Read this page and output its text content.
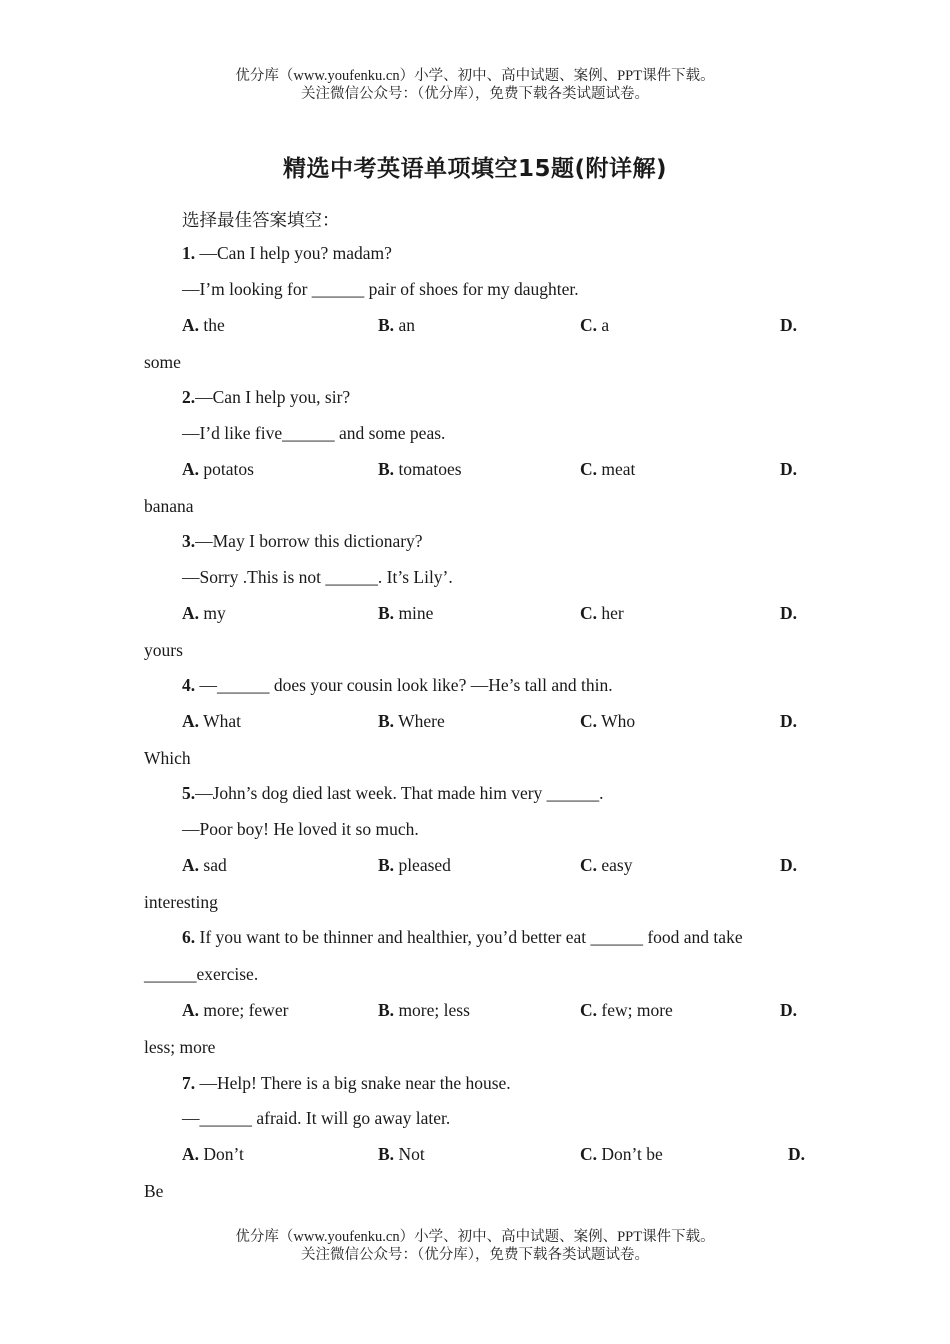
优分库（www.youfenku.cn）小学、初中、高中试题、案例、PPT课件下载。
关注微信公众号：（优分库），免费下载各类试题试卷。
精选中考英语单项填空15题(附详解)
选择最佳答案填空：
1. —Can I help you? madam?
—I’m looking for ______ pair of shoes for my daughter.
A. the	B. an	C. a	D.
some
2.—Can I help you, sir?
—I’d like five______ and some peas.
A. potatos	B. tomatoes	C. meat	D.
banana
3.—May I borrow this dictionary?
—Sorry .This is not ______. It’s Lily’.
A. my	B. mine	C. her	D.
yours
4. —______ does your cousin look like? —He’s tall and thin.
A. What	B. Where	C. Who	D.
Which
5.—John’s dog died last week. That made him very ______.
—Poor boy! He loved it so much.
A. sad	B. pleased	C. easy	D.
interesting
6. If you want to be thinner and healthier, you’d better eat ______ food and take
______exercise.
A. more; fewer	B. more; less	C. few; more	D.
less; more
7. —Help! There is a big snake near the house.
—______ afraid. It will go away later.
A. Don’t	B. Not	C. Don’t be	D.
Be
优分库（www.youfenku.cn）小学、初中、高中试题、案例、PPT课件下载。
关注微信公众号：（优分库），免费下载各类试题试卷。
